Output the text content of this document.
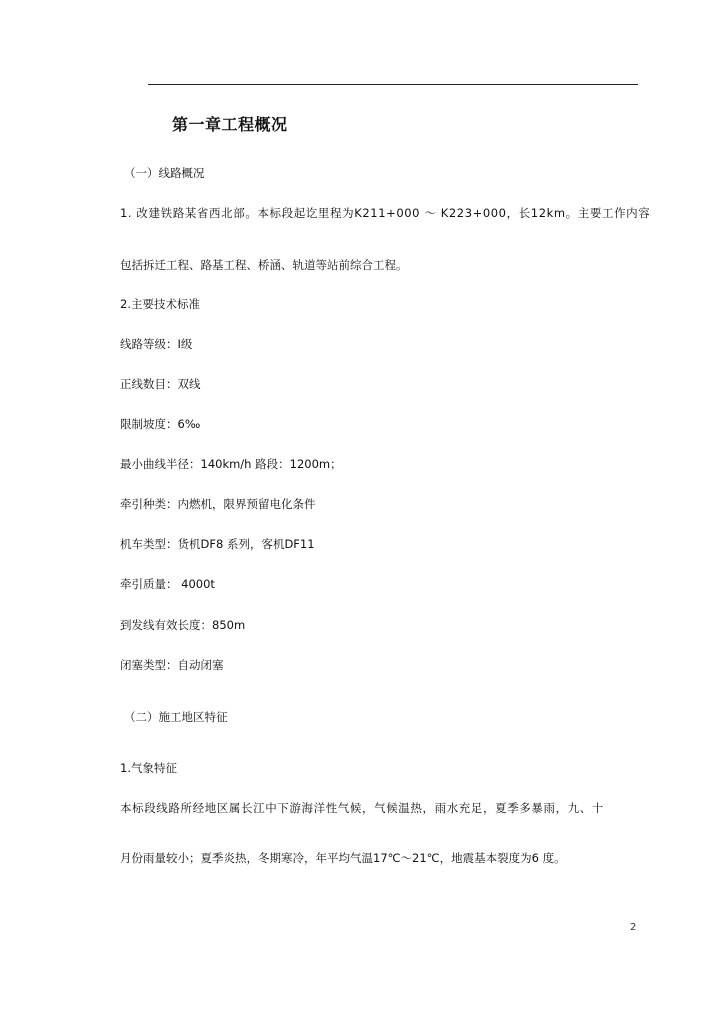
第一章工程概况
（一）线路概况
1. 改建铁路某省西北部。本标段起讫里程为K211+000 ～ K223+000，长12km。主要工作内容
包括拆迁工程、路基工程、桥涵、轨道等站前综合工程。
2.主要技术标准
线路等级：Ⅰ级
正线数目：双线
限制坡度：6‰
最小曲线半径：140km/h 路段：1200m；
牵引种类：内燃机，限界预留电化条件
机车类型：货机DF8 系列，客机DF11
牵引质量： 4000t
到发线有效长度：850m
闭塞类型：自动闭塞
（二）施工地区特征
1.气象特征
本标段线路所经地区属长江中下游海洋性气候，气候温热，雨水充足，夏季多暴雨，九、十
月份雨量较小；夏季炎热，冬期寒冷，年平均气温17℃～21℃，地震基本裂度为6 度。
2
